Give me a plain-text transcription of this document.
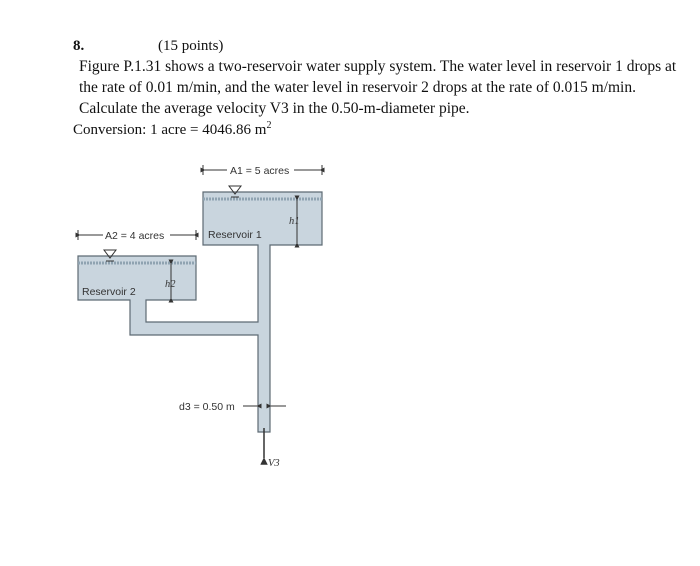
8.	(15 points)
Figure P.1.31 shows a two-reservoir water supply system. The water level in reservoir 1 drops at the rate of 0.01 m/min, and the water level in reservoir 2 drops at the rate of 0.015 m/min. Calculate the average velocity V3 in the 0.50-m-diameter pipe.
Conversion: 1 acre = 4046.86 $m^2$
A1 = 5 acres
A2 = 4 acres	Reservoir 1
Reservoir 2
h1
h2
d3 = 0.50 m
V3
